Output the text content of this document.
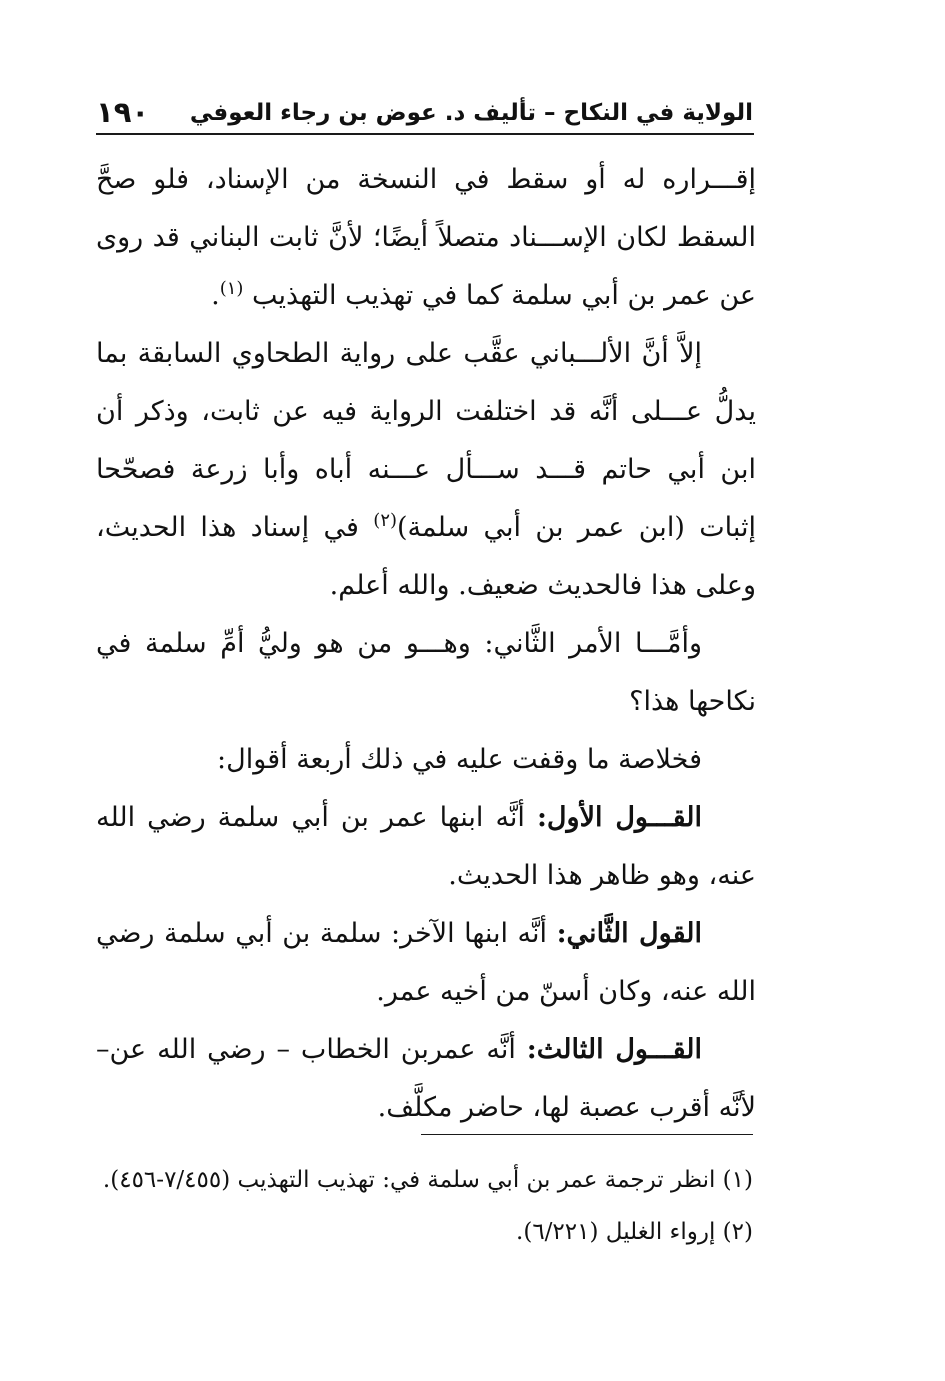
الولاية في النكاح – تأليف د. عوض بن رجاء العوفي
١٩٠

إقـــراره له أو سقط في النسخة من الإسناد، فلو صحَّ السقط لكان الإســـناد متصلاً أيضًا؛ لأنَّ ثابت البناني قد روى عن عمر بن أبي سلمة كما في تهذيب التهذيب $^{(١)}$.

إلاَّ أنَّ الألـــباني عقَّب على رواية الطحاوي السابقة بما يدلُّ عـــلى أنَّه قد اختلفت الرواية فيه عن ثابت، وذكر أن ابن أبي حاتم قـــد ســـأل عـــنه أباه وأبا زرعة فصحّحا إثبات (ابن عمر بن أبي سلمة)$^{(٢)}$ في إسناد هذا الحديث، وعلى هذا فالحديث ضعيف. والله أعلم.

وأمَّـــا الأمر الثَّاني: وهـــو من هو وليُّ أمِّ سلمة في نكاحها هذا؟

فخلاصة ما وقفت عليه في ذلك أربعة أقوال:

القـــول الأول: أنَّه ابنها عمر بن أبي سلمة رضي الله عنه، وهو ظاهر هذا الحديث.

القول الثَّاني: أنَّه ابنها الآخر: سلمة بن أبي سلمة رضي الله عنه، وكان أسنّ من أخيه عمر.

القـــول الثالث: أنَّه عمربن الخطاب – رضي الله عن– لأنَّه أقرب عصبة لها، حاضر مكلَّف.

(١) انظر ترجمة عمر بن أبي سلمة في: تهذيب التهذيب (٧/٤٥٥-٤٥٦).

(٢) إرواء الغليل (٦/٢٢١).
